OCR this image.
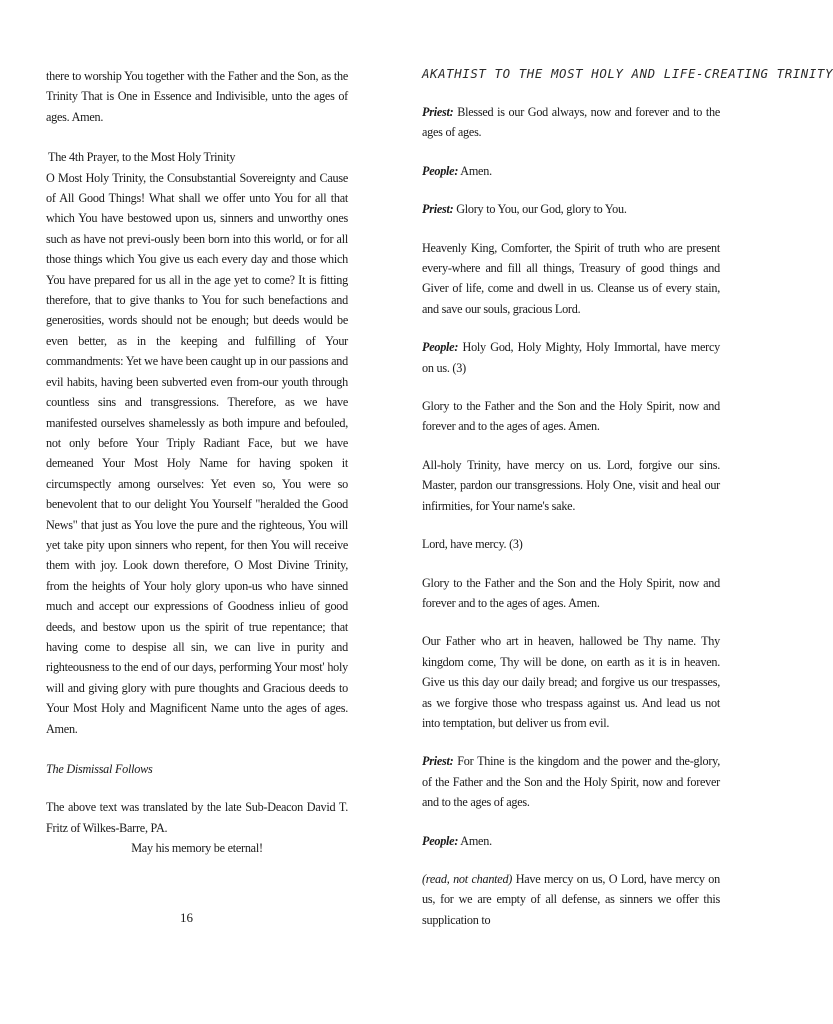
there to worship You together with the Father and the Son, as the Trinity That is One in Essence and Indivisible, unto the ages of ages. Amen.

The 4th Prayer, to the Most Holy Trinity

O Most Holy Trinity, the Consubstantial Sovereignty and Cause of All Good Things! What shall we offer unto You for all that which You have bestowed upon us, sinners and unworthy ones such as have not previ-ously been born into this world, or for all those things which You give us each every day and those which You have prepared for us all in the age yet to come? It is fitting therefore, that to give thanks to You for such benefactions and generosities, words should not be enough; but deeds would be even better, as in the keeping and fulfilling of Your commandments: Yet we have been caught up in our passions and evil habits, having been subverted even from-our youth through countless sins and transgressions. Therefore, as we have manifested ourselves shamelessly as both impure and befouled, not only before Your Triply Radiant Face, but we have demeaned Your Most Holy Name for having spoken it circumspectly among ourselves: Yet even so, You were so benevolent that to our delight You Yourself "heralded the Good News" that just as You love the pure and the righteous, You will yet take pity upon sinners who repent, for then You will receive them with joy. Look down therefore, O Most Divine Trinity, from the heights of Your holy glory upon-us who have sinned much and accept our expressions of Goodness inlieu of good deeds, and bestow upon us the spirit of true repentance; that having come to despise all sin, we can live in purity and righteousness to the end of our days, performing Your most' holy will and giving glory with pure thoughts and Gracious deeds to Your Most Holy and Magnificent Name unto the ages of ages. Amen.

The Dismissal Follows

The above text was translated by the late Sub-Deacon David T. Fritz of Wilkes-Barre, PA.

May his memory be eternal!

16
AKATHIST TO THE MOST HOLY AND LIFE-CREATING TRINITY

Priest: Blessed is our God always, now and forever and to the ages of ages.

People: Amen.

Priest: Glory to You, our God, glory to You.

Heavenly King, Comforter, the Spirit of truth who are present every-where and fill all things, Treasury of good things and Giver of life, come and dwell in us. Cleanse us of every stain, and save our souls, gracious Lord.

People: Holy God, Holy Mighty, Holy Immortal, have mercy on us. (3)

Glory to the Father and the Son and the Holy Spirit, now and forever and to the ages of ages. Amen.

All-holy Trinity, have mercy on us. Lord, forgive our sins. Master, pardon our transgressions. Holy One, visit and heal our infirmities, for Your name's sake.

Lord, have mercy. (3)

Glory to the Father and the Son and the Holy Spirit, now and forever and to the ages of ages. Amen.

Our Father who art in heaven, hallowed be Thy name. Thy kingdom come, Thy will be done, on earth as it is in heaven. Give us this day our daily bread; and forgive us our trespasses, as we forgive those who trespass against us. And lead us not into temptation, but deliver us from evil.

Priest: For Thine is the kingdom and the power and the-glory, of the Father and the Son and the Holy Spirit, now and forever and to the ages of ages.

People: Amen.

(read, not chanted) Have mercy on us, O Lord, have mercy on us, for we are empty of all defense, as sinners we offer this supplication to
